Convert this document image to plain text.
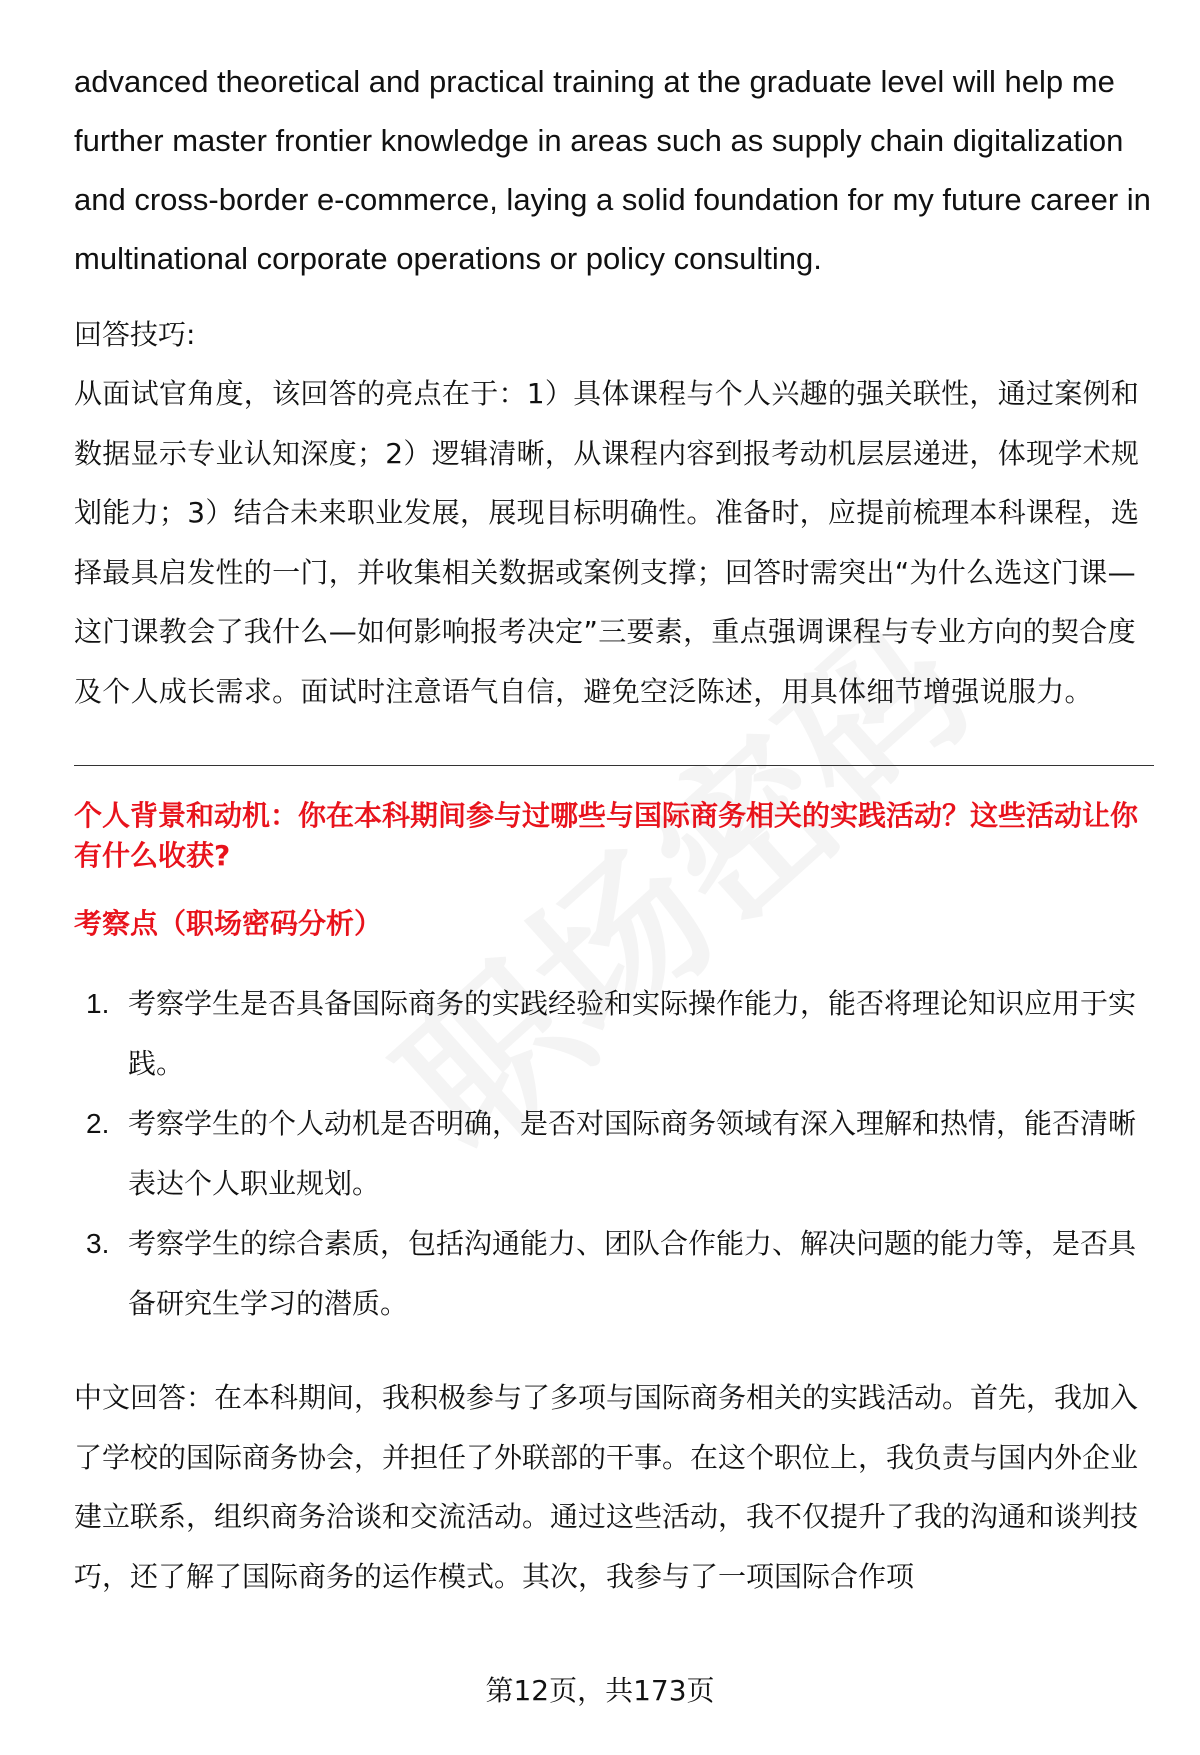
advanced theoretical and practical training at the graduate level will help me further master frontier knowledge in areas such as supply chain digitalization and cross-border e-commerce, laying a solid foundation for my future career in multinational corporate operations or policy consulting.

回答技巧:

从面试官角度，该回答的亮点在于：1）具体课程与个人兴趣的强关联性，通过案例和数据显示专业认知深度；2）逻辑清晰，从课程内容到报考动机层层递进，体现学术规划能力；3）结合未来职业发展，展现目标明确性。准备时，应提前梳理本科课程，选择最具启发性的一门，并收集相关数据或案例支撑；回答时需突出“为什么选这门课—这门课教会了我什么—如何影响报考决定”三要素，重点强调课程与专业方向的契合度及个人成长需求。面试时注意语气自信，避免空泛陈述，用具体细节增强说服力。

个人背景和动机：你在本科期间参与过哪些与国际商务相关的实践活动？这些活动让你有什么收获?

考察点（职场密码分析）

1. 考察学生是否具备国际商务的实践经验和实际操作能力，能否将理论知识应用于实践。
2. 考察学生的个人动机是否明确，是否对国际商务领域有深入理解和热情，能否清晰表达个人职业规划。
3. 考察学生的综合素质，包括沟通能力、团队合作能力、解决问题的能力等，是否具备研究生学习的潜质。

中文回答：在本科期间，我积极参与了多项与国际商务相关的实践活动。首先，我加入了学校的国际商务协会，并担任了外联部的干事。在这个职位上，我负责与国内外企业建立联系，组织商务洽谈和交流活动。通过这些活动，我不仅提升了我的沟通和谈判技巧，还了解了国际商务的运作模式。其次，我参与了一项国际合作项

第12页，共173页
